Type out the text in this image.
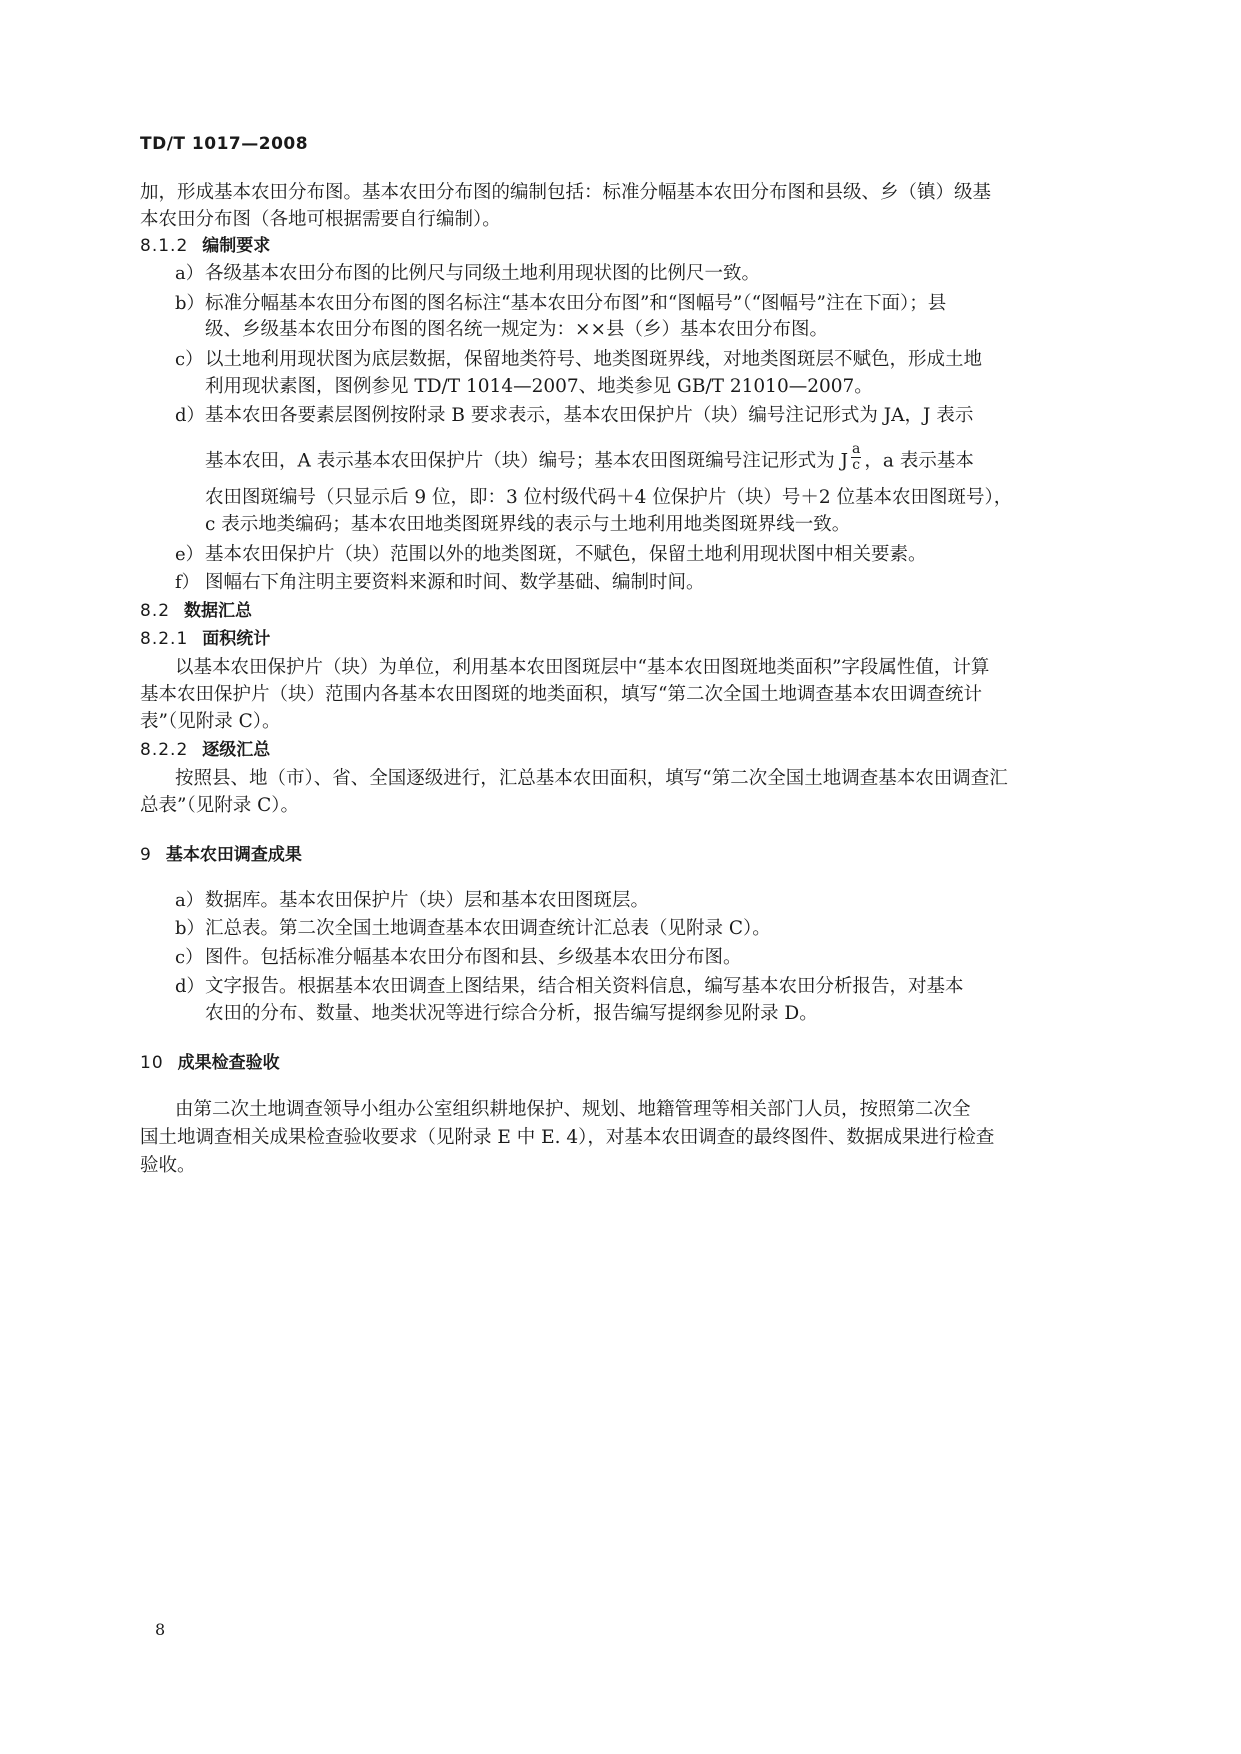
TD/T 1017—2008
加，形成基本农田分布图。基本农田分布图的编制包括：标准分幅基本农田分布图和县级、乡（镇）级基
本农田分布图（各地可根据需要自行编制）。
8.1.2 编制要求
a） 各级基本农田分布图的比例尺与同级土地利用现状图的比例尺一致。
b） 标准分幅基本农田分布图的图名标注“基本农田分布图”和“图幅号”（“图幅号”注在下面）；县
级、乡级基本农田分布图的图名统一规定为：××县（乡）基本农田分布图。
c） 以土地利用现状图为底层数据，保留地类符号、地类图斑界线，对地类图斑层不赋色，形成土地
利用现状素图，图例参见 TD/T 1014—2007、地类参见 GB/T 21010—2007。
d） 基本农田各要素层图例按附录 B 要求表示，基本农田保护片（块）编号注记形式为 JA，J 表示
基本农田，A 表示基本农田保护片（块）编号；基本农田图斑编号注记形式为 J $\frac{a}{c}$ ，a 表示基本
农田图斑编号（只显示后 9 位，即：3 位村级代码＋4 位保护片（块）号＋2 位基本农田图斑号），
c 表示地类编码；基本农田地类图斑界线的表示与土地利用地类图斑界线一致。
e） 基本农田保护片（块）范围以外的地类图斑，不赋色，保留土地利用现状图中相关要素。
f） 图幅右下角注明主要资料来源和时间、数学基础、编制时间。
8.2 数据汇总
8.2.1 面积统计
以基本农田保护片（块）为单位，利用基本农田图斑层中“基本农田图斑地类面积”字段属性值，计算
基本农田保护片（块）范围内各基本农田图斑的地类面积，填写“第二次全国土地调查基本农田调查统计
表”（见附录 C）。
8.2.2 逐级汇总
按照县、地（市）、省、全国逐级进行，汇总基本农田面积，填写“第二次全国土地调查基本农田调查汇
总表”（见附录 C）。
9 基本农田调查成果
a） 数据库。基本农田保护片（块）层和基本农田图斑层。
b） 汇总表。第二次全国土地调查基本农田调查统计汇总表（见附录 C）。
c） 图件。包括标准分幅基本农田分布图和县、乡级基本农田分布图。
d） 文字报告。根据基本农田调查上图结果，结合相关资料信息，编写基本农田分析报告，对基本
农田的分布、数量、地类状况等进行综合分析，报告编写提纲参见附录 D。
10 成果检查验收
由第二次土地调查领导小组办公室组织耕地保护、规划、地籍管理等相关部门人员，按照第二次全
国土地调查相关成果检查验收要求（见附录 E 中 E. 4），对基本农田调查的最终图件、数据成果进行检查
验收。
8
